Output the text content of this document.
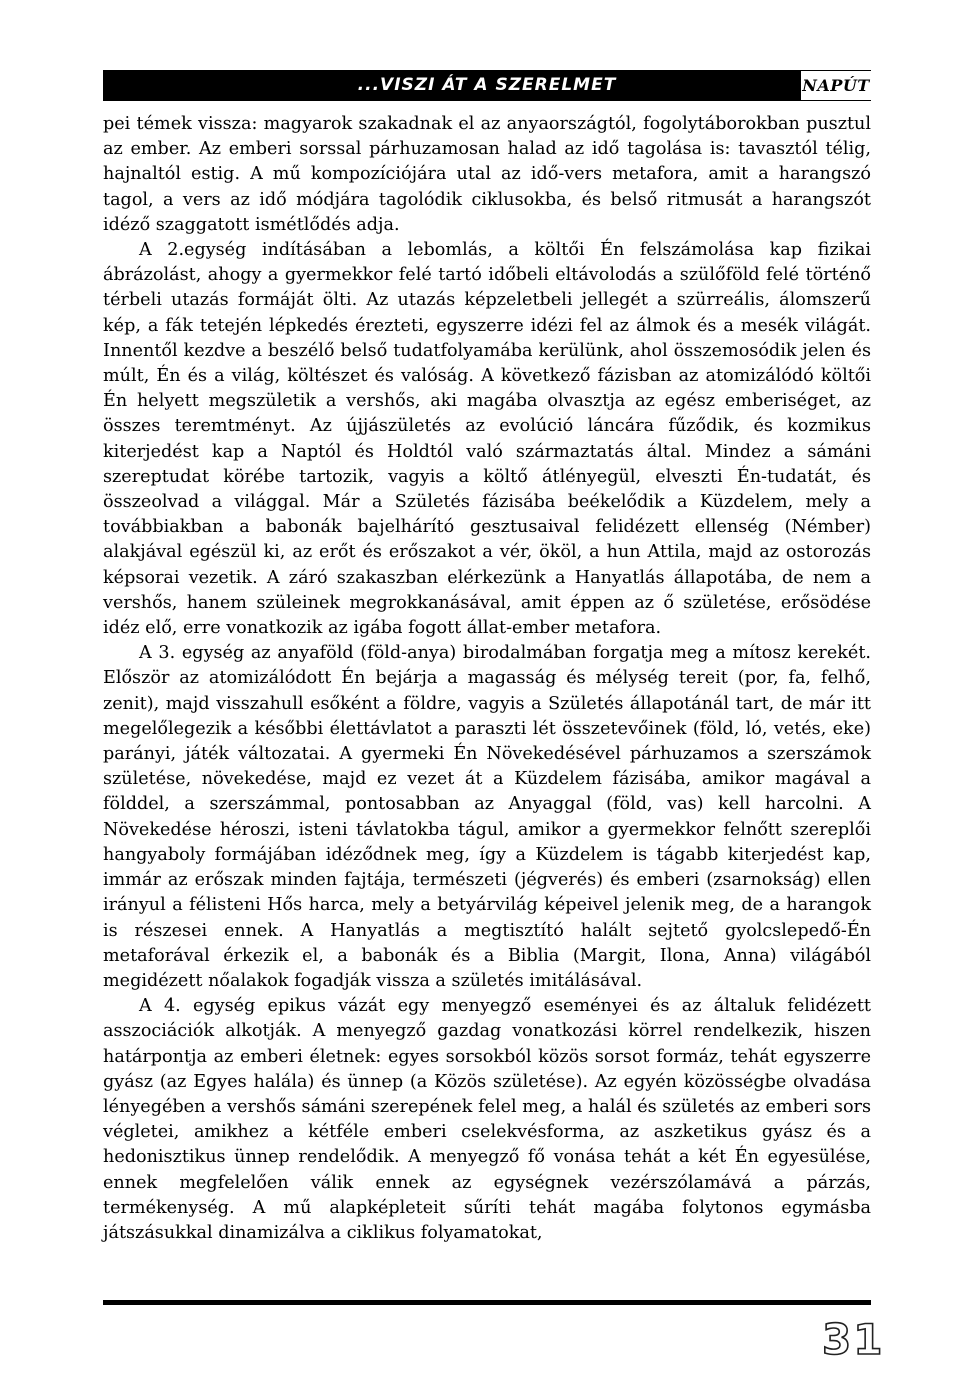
...VISZI ÁT A SZERELMET	NAPÚT

pei témek vissza: magyarok szakadnak el az anyaországtól, fogolytáborokban pusztul az ember. Az emberi sorssal párhuzamosan halad az idő tagolása is: tavasztól télig, hajnaltól estig. A mű kompozíciójára utal az idő-vers metafora, amit a harangszó tagol, a vers az idő módjára tagolódik ciklusokba, és belső ritmusát a harangszót idéző szaggatott ismétlődés adja.

A 2.egység indításában a lebomlás, a költői Én felszámolása kap fizikai ábrázolást, ahogy a gyermekkor felé tartó időbeli eltávolodás a szülőföld felé történő térbeli utazás formáját ölti. Az utazás képzeletbeli jellegét a szürreális, álomszerű kép, a fák tetején lépkedés érezteti, egyszerre idézi fel az álmok és a mesék világát. Innentől kezdve a beszélő belső tudatfolyamába kerülünk, ahol összemosódik jelen és múlt, Én és a világ, költészet és valóság. A következő fázisban az atomizálódó költői Én helyett megszületik a vershős, aki magába olvasztja az egész emberiséget, az összes teremtményt. Az újjászületés az evolúció láncára fűződik, és kozmikus kiterjedést kap a Naptól és Holdtól való származtatás által. Mindez a sámáni szereptudat körébe tartozik, vagyis a költő átlényegül, elveszti Én-tudatát, és összeolvad a világgal. Már a Születés fázisába beékelődik a Küzdelem, mely a továbbiakban a babonák bajelhárító gesztusaival felidézett ellenség (Némber) alakjával egészül ki, az erőt és erőszakot a vér, ököl, a hun Attila, majd az ostorozás képsorai vezetik. A záró szakaszban elérkezünk a Hanyatlás állapotába, de nem a vershős, hanem szüleinek megrokkanásával, amit éppen az ő születése, erősödése idéz elő, erre vonatkozik az igába fogott állat-ember metafora.

A 3. egység az anyaföld (föld-anya) birodalmában forgatja meg a mítosz kerekét. Először az atomizálódott Én bejárja a magasság és mélység tereit (por, fa, felhő, zenit), majd visszahull esőként a földre, vagyis a Születés állapotánál tart, de már itt megelőlegezik a későbbi élettávlatot a paraszti lét összetevőinek (föld, ló, vetés, eke) parányi, játék változatai. A gyermeki Én Növekedésével párhuzamos a szerszámok születése, növekedése, majd ez vezet át a Küzdelem fázisába, amikor magával a földdel, a szerszámmal, pontosabban az Anyaggal (föld, vas) kell harcolni. A Növekedése héroszi, isteni távlatokba tágul, amikor a gyermekkor felnőtt szereplői hangyaboly formájában idéződnek meg, így a Küzdelem is tágabb kiterjedést kap, immár az erőszak minden fajtája, természeti (jégverés) és emberi (zsarnokság) ellen irányul a félisteni Hős harca, mely a betyárvilág képeivel jelenik meg, de a harangok is részesei ennek. A Hanyatlás a megtisztító halált sejtető gyolcslepedő-Én metaforával érkezik el, a babonák és a Biblia (Margit, Ilona, Anna) világából megidézett nőalakok fogadják vissza a születés imitálásával.

A 4. egység epikus vázát egy menyegző eseményei és az általuk felidézett asszociációk alkotják. A menyegző gazdag vonatkozási körrel rendelkezik, hiszen határpontja az emberi életnek: egyes sorsokból közös sorsot formáz, tehát egyszerre gyász (az Egyes halála) és ünnep (a Közös születése). Az egyén közösségbe olvadása lényegében a vershős sámáni szerepének felel meg, a halál és születés az emberi sors végletei, amikhez a kétféle emberi cselekvésforma, az aszketikus gyász és a hedonisztikus ünnep rendelődik. A menyegző fő vonása tehát a két Én egyesülése, ennek megfelelően válik ennek az egységnek vezérszólamává a párzás, termékenység. A mű alapképleteit sűríti tehát magába folytonos egymásba játszásukkal dinamizálva a ciklikus folyamatokat,

31
